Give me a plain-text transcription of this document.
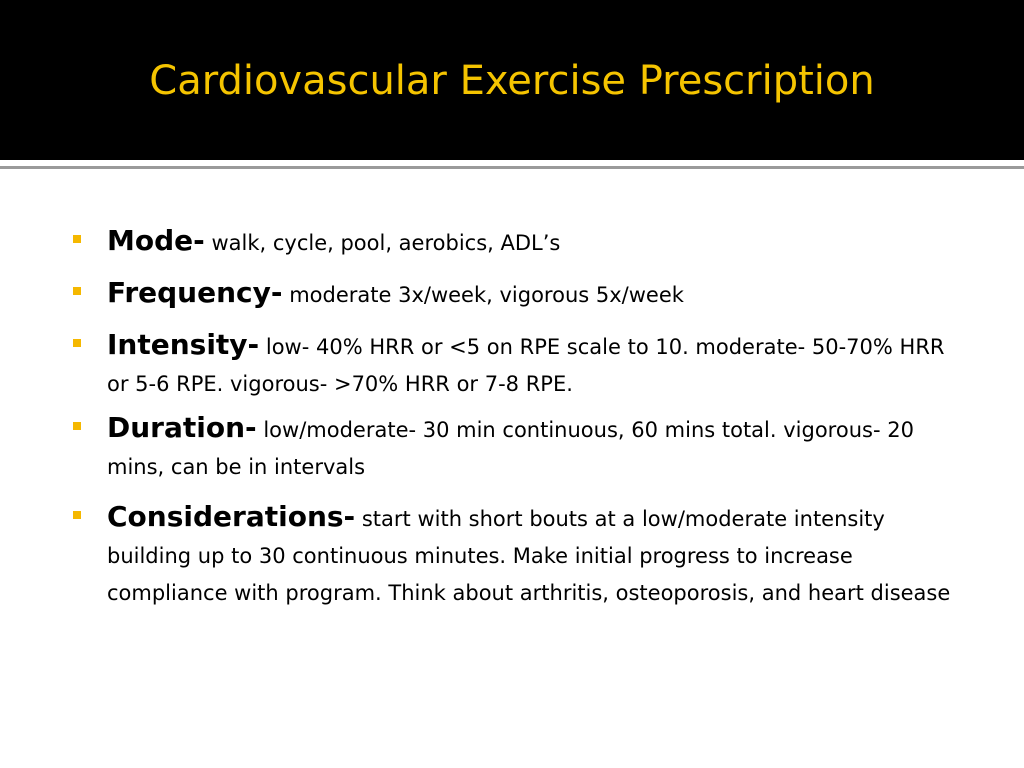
Cardiovascular Exercise Prescription
Mode- walk, cycle, pool, aerobics, ADL’s
Frequency- moderate 3x/week, vigorous 5x/week
Intensity- low- 40% HRR or <5 on RPE scale to 10. moderate- 50-70% HRR or 5-6 RPE. vigorous- >70% HRR or 7-8 RPE.
Duration- low/moderate- 30 min continuous, 60 mins total. vigorous- 20 mins, can be in intervals
Considerations- start with short bouts at a low/moderate intensity building up to 30 continuous minutes. Make initial progress to increase compliance with program. Think about arthritis, osteoporosis, and heart disease
